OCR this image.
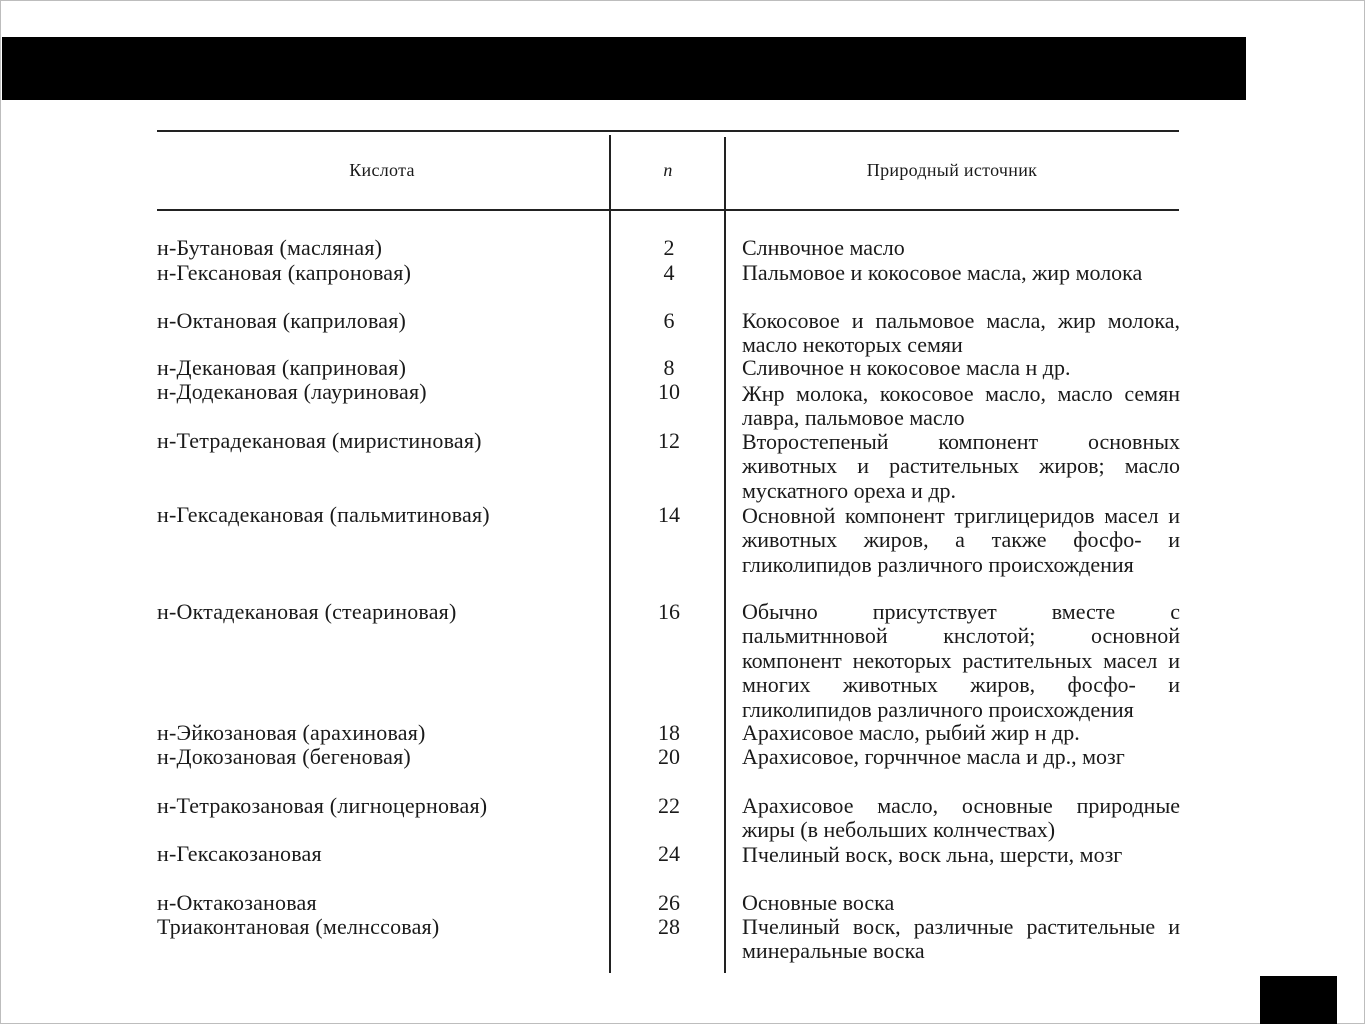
Кислота	n	Природный источник
н-Бутановая (масляная)	2	Слнвочное масло
н-Гексановая (капроновая)	4	Пальмовое и кокосовое масла, жир молока
н-Октановая (каприловая)	6	Кокосовое и пальмовое масла, жир молока, масло некоторых семяи
н-Декановая (каприновая)	8	Сливочное н кокосовое масла н др.
н-Додекановая (лауриновая)	10	Жнр молока, кокосовое масло, масло семян лавра, пальмовое масло
н-Тетрадекановая (миристиновая)	12	Второстепеный компонент основных животных и растительных жиров; масло мускатного ореха и др.
н-Гексадекановая (пальмитиновая)	14	Основной компонент триглицеридов масел и животных жиров, а также фосфо- и гликолипидов различного происхождения
н-Октадекановая (стеариновая)	16	Обычно присутствует вместе с пальмитнновой кнслотой; основной компонент некоторых растительных масел и многих животных жиров, фосфо- и гликолипидов различного происхождения
н-Эйкозановая (арахиновая)	18	Арахисовое масло, рыбий жир н др.
н-Докозановая (бегеновая)	20	Арахисовое, горчнчное масла и др., мозг
н-Тетракозановая (лигноцерновая)	22	Арахисовое масло, основные природные жиры (в небольших колнчествах)
н-Гексакозановая	24	Пчелиный воск, воск льна, шерсти, мозг
н-Октакозановая	26	Основные воска
Триаконтановая (мелнссовая)	28	Пчелиный воск, различные растительные и минеральные воска
